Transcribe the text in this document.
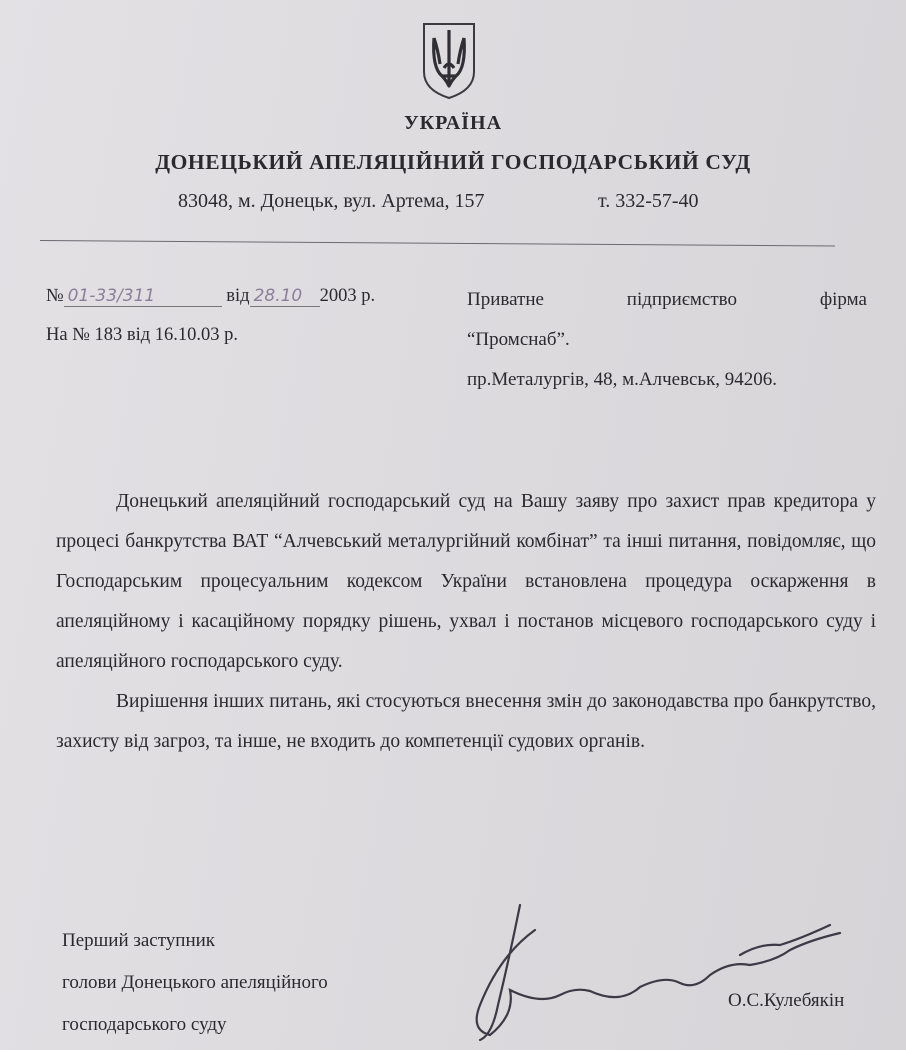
УКРАЇНА
ДОНЕЦЬКИЙ АПЕЛЯЦІЙНИЙ ГОСПОДАРСЬКИЙ СУД
83048, м. Донецьк, вул. Артема, 157	т. 332-57-40
№ 01-33/311	від 28.10 2003 р.
На № 183 від 16.10.03 р.
Приватне	підприємство	фірма
“Промснаб”.
пр.Металургів, 48, м.Алчевськ, 94206.

Донецький апеляційний господарський суд на Вашу заяву про захист прав кредитора у процесі банкрутства ВАТ “Алчевський металургійний комбінат” та інші питання, повідомляє, що Господарським процесуальним кодексом України встановлена процедура оскарження в апеляційному і касаційному порядку рішень, ухвал і постанов місцевого господарського суду і апеляційного господарського суду.

Вирішення інших питань, які стосуються внесення змін до законодавства про банкрутство, захисту від загроз, та інше, не входить до компетенції судових органів.

Перший заступник
голови Донецького апеляційного
господарського суду
О.С.Кулебякін
